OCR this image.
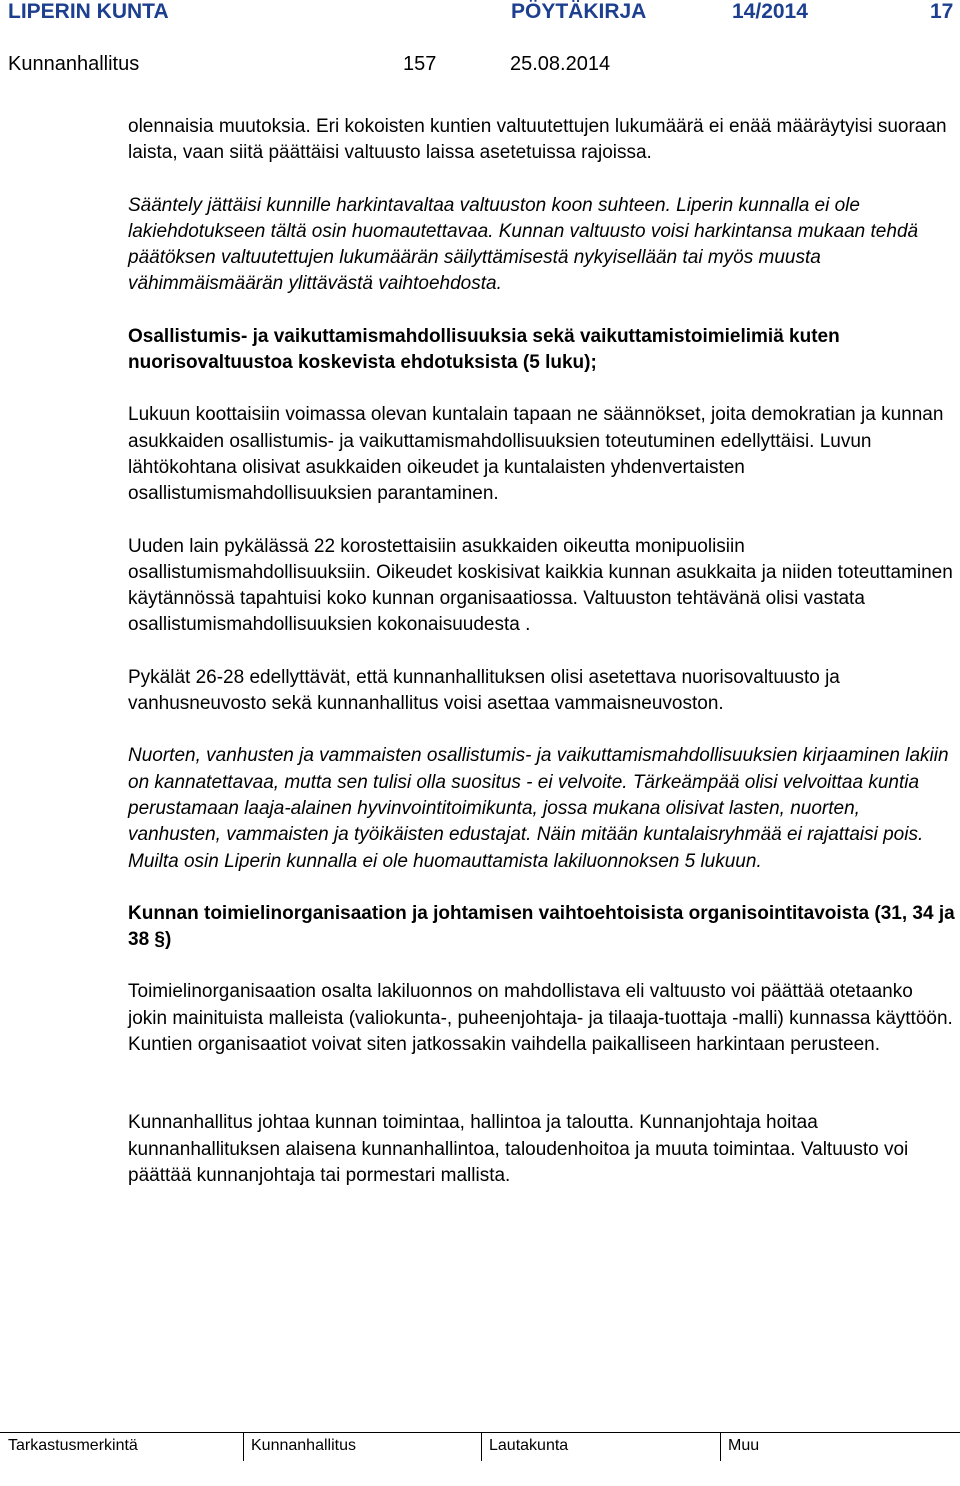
LIPERIN KUNTA	PÖYTÄKIRJA	14/2014	17
Kunnanhallitus	157	25.08.2014

olennaisia muutoksia. Eri kokoisten kuntien valtuutettujen lukumäärä ei enää määräytyisi suoraan laista, vaan siitä päättäisi valtuusto laissa asetetuissa rajoissa.

Sääntely jättäisi kunnille harkintavaltaa valtuuston koon suhteen. Liperin kunnalla ei ole lakiehdotukseen tältä osin huomautettavaa. Kunnan valtuusto voisi harkintansa mukaan tehdä päätöksen valtuutettujen lukumäärän säilyttämisestä nykyisellään tai myös muusta vähimmäismäärän ylittävästä vaihtoehdosta.

Osallistumis- ja vaikuttamismahdollisuuksia sekä vaikuttamistoimielimiä kuten nuorisovaltuustoa koskevista ehdotuksista (5 luku);

Lukuun koottaisiin voimassa olevan kuntalain tapaan ne säännökset, joita demokratian ja kunnan asukkaiden osallistumis- ja vaikuttamismahdollisuuksien toteutuminen edellyttäisi. Luvun lähtökohtana olisivat asukkaiden oikeudet ja kuntalaisten yhdenvertaisten osallistumismahdollisuuksien parantaminen.

Uuden lain pykälässä 22 korostettaisiin asukkaiden oikeutta monipuolisiin osallistumismahdollisuuksiin. Oikeudet koskisivat kaikkia kunnan asukkaita ja niiden toteuttaminen käytännössä tapahtuisi koko kunnan organisaatiossa. Valtuuston tehtävänä olisi vastata osallistumismahdollisuuksien kokonaisuudesta .

Pykälät 26-28 edellyttävät, että kunnanhallituksen olisi asetettava nuorisovaltuusto ja vanhusneuvosto sekä kunnanhallitus voisi asettaa vammaisneuvoston.

Nuorten, vanhusten ja vammaisten osallistumis- ja vaikuttamismahdollisuuksien kirjaaminen lakiin on kannatettavaa, mutta sen tulisi olla suositus - ei velvoite. Tärkeämpää olisi velvoittaa kuntia perustamaan laaja-alainen hyvinvointitoimikunta, jossa mukana olisivat lasten, nuorten, vanhusten, vammaisten ja työikäisten edustajat. Näin mitään kuntalaisryhmää ei rajattaisi pois. Muilta osin Liperin kunnalla ei ole huomauttamista lakiluonnoksen 5 lukuun.

Kunnan toimielinorganisaation ja johtamisen vaihtoehtoisista organisointitavoista (31, 34 ja 38 §)

Toimielinorganisaation osalta lakiluonnos on mahdollistava eli valtuusto voi päättää otetaanko jokin mainituista malleista (valiokunta-, puheenjohtaja- ja tilaaja-tuottaja -malli) kunnassa käyttöön. Kuntien organisaatiot voivat siten jatkossakin vaihdella paikalliseen harkintaan perusteen.

Kunnanhallitus johtaa kunnan toimintaa, hallintoa ja taloutta. Kunnanjohtaja hoitaa kunnanhallituksen alaisena kunnanhallintoa, taloudenhoitoa ja muuta toimintaa. Valtuusto voi päättää kunnanjohtaja tai pormestari mallista.

Tarkastusmerkintä	Kunnanhallitus	Lautakunta	Muu
